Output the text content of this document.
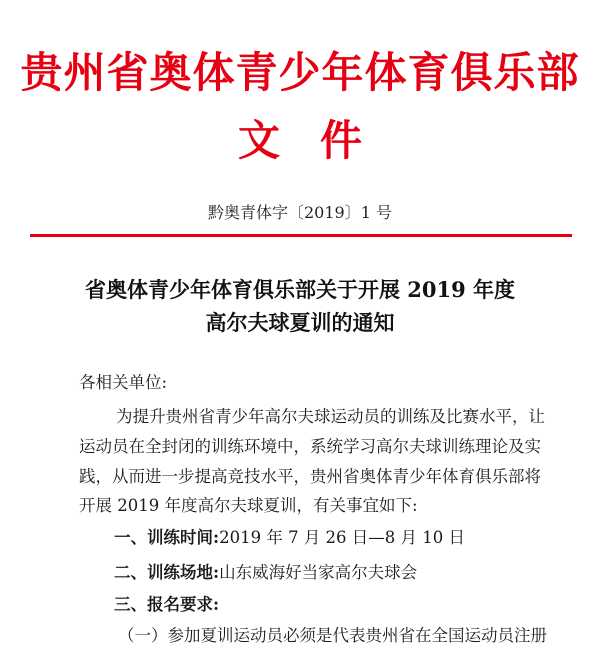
贵州省奥体青少年体育俱乐部
文件
黔奥青体字〔2019〕1 号
省奥体青少年体育俱乐部关于开展 2019 年度
高尔夫球夏训的通知
各相关单位:
为提升贵州省青少年高尔夫球运动员的训练及比赛水平，让
运动员在全封闭的训练环境中，系统学习高尔夫球训练理论及实
践，从而进一步提高竞技水平，贵州省奥体青少年体育俱乐部将
开展 2019 年度高尔夫球夏训，有关事宜如下:
一、训练时间:2019 年 7 月 26 日—8 月 10 日
二、训练场地:山东威海好当家高尔夫球会
三、报名要求:
（一）参加夏训运动员必须是代表贵州省在全国运动员注册
